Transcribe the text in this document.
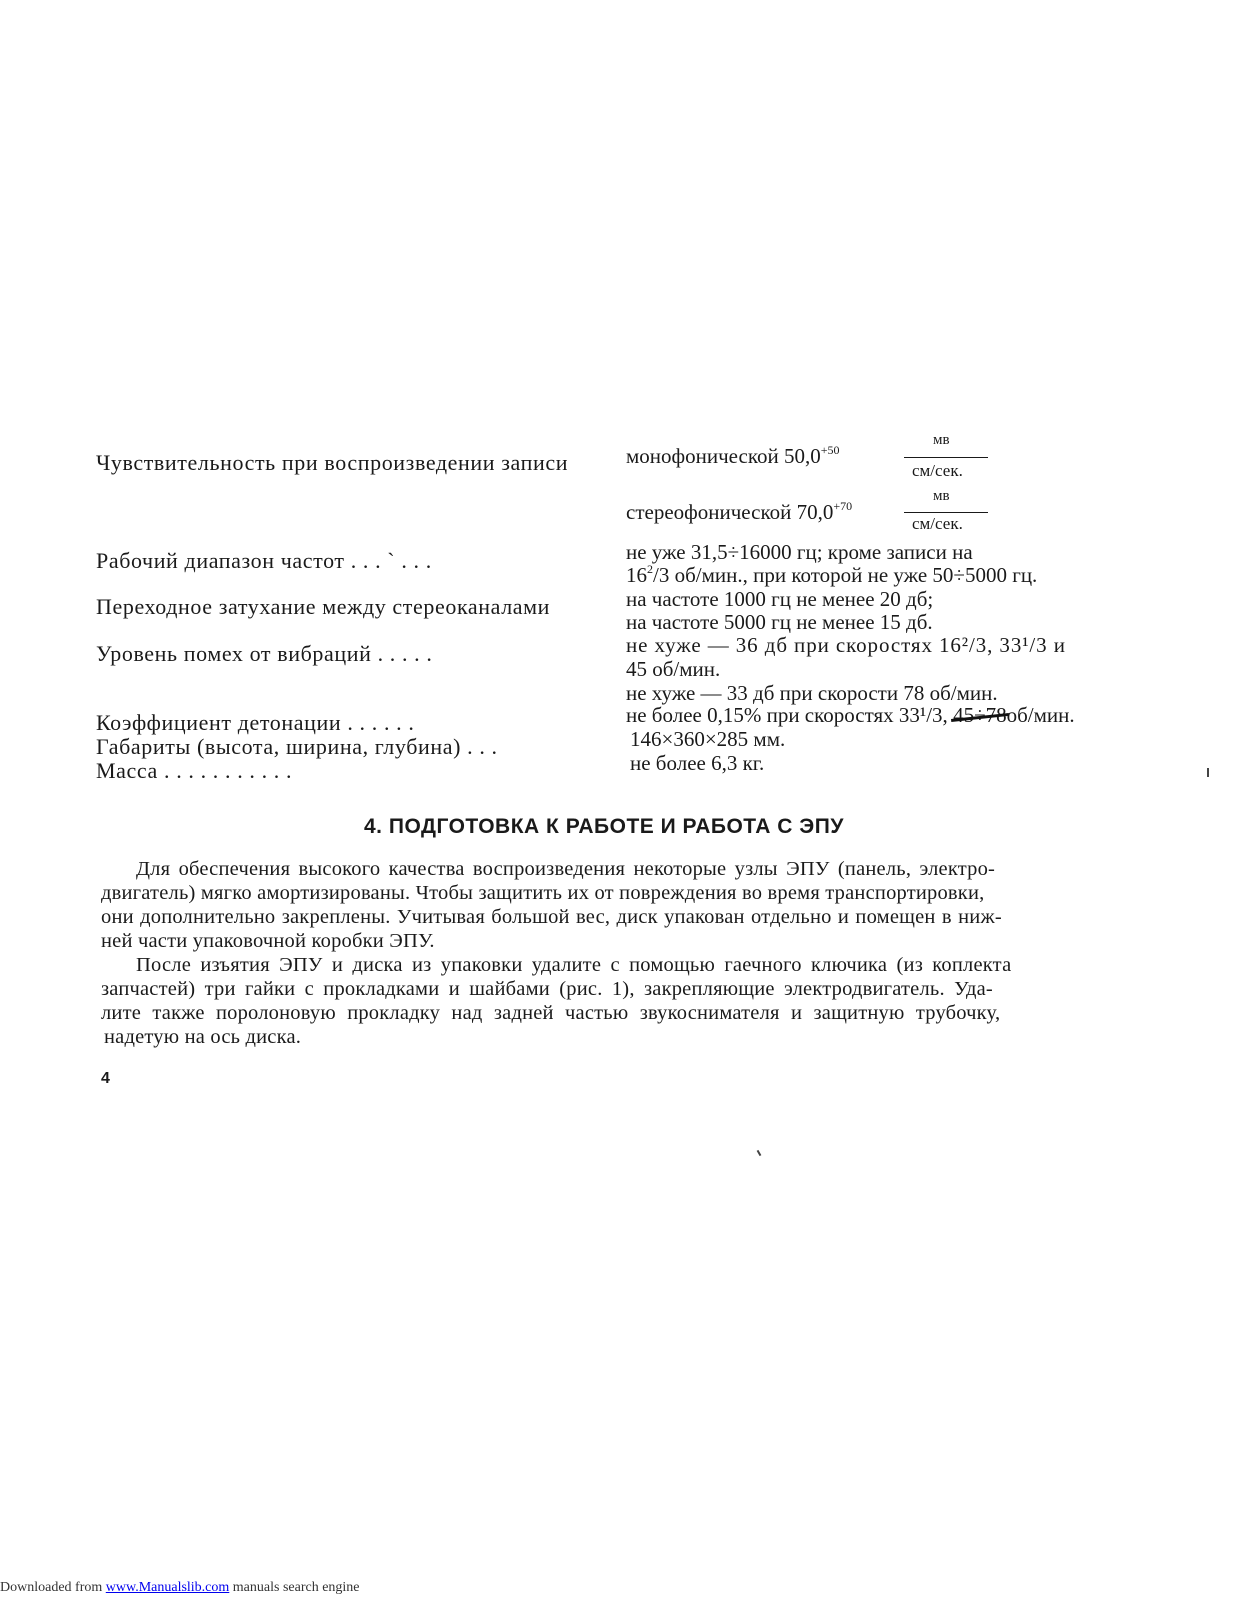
Чувствительность при воспроизведении записи	монофонической $50,0^{+50}$
мв
см/сек.
стереофонической $70,0^{+70}$
мв
см/сек.
Рабочий диапазон частот . . . ` . . .	не уже 31,5÷16000 гц; кроме записи на
$16^2/3$ об/мин., при которой не уже 50÷5000 гц.
Переходное затухание между стереоканалами	на частоте 1000 гц не менее 20 дб;
на частоте 5000 гц не менее 15 дб.
Уровень помех от вибраций . . . . .	не хуже — 36 дб при скоростях 16²/3, 33¹/3 и
45 об/мин.
не хуже — 33 дб при скорости 78 об/мин.
Коэффициент детонации . . . . . .	не более 0,15% при скоростях 33¹/3, 45÷78об/мин.
Габариты (высота, ширина, глубина) . . .	146×360×285 мм.
Масса . . . . . . . . . . .	не более 6,3 кг.
4. ПОДГОТОВКА К РАБОТЕ И РАБОТА С ЭПУ
Для обеспечения высокого качества воспроизведения некоторые узлы ЭПУ (панель, электро-
двигатель) мягко амортизированы. Чтобы защитить их от повреждения во время транспортировки,
они дополнительно закреплены. Учитывая большой вес, диск упакован отдельно и помещен в ниж-
ней части упаковочной коробки ЭПУ.
После изъятия ЭПУ и диска из упаковки удалите с помощью гаечного ключика (из коплекта
запчастей) три гайки с прокладками и шайбами (рис. 1), закрепляющие электродвигатель. Уда-
лите также поролоновую прокладку над задней частью звукоснимателя и защитную трубочку,
надетую на ось диска.
4
Downloaded from www.Manualslib.com manuals search engine
